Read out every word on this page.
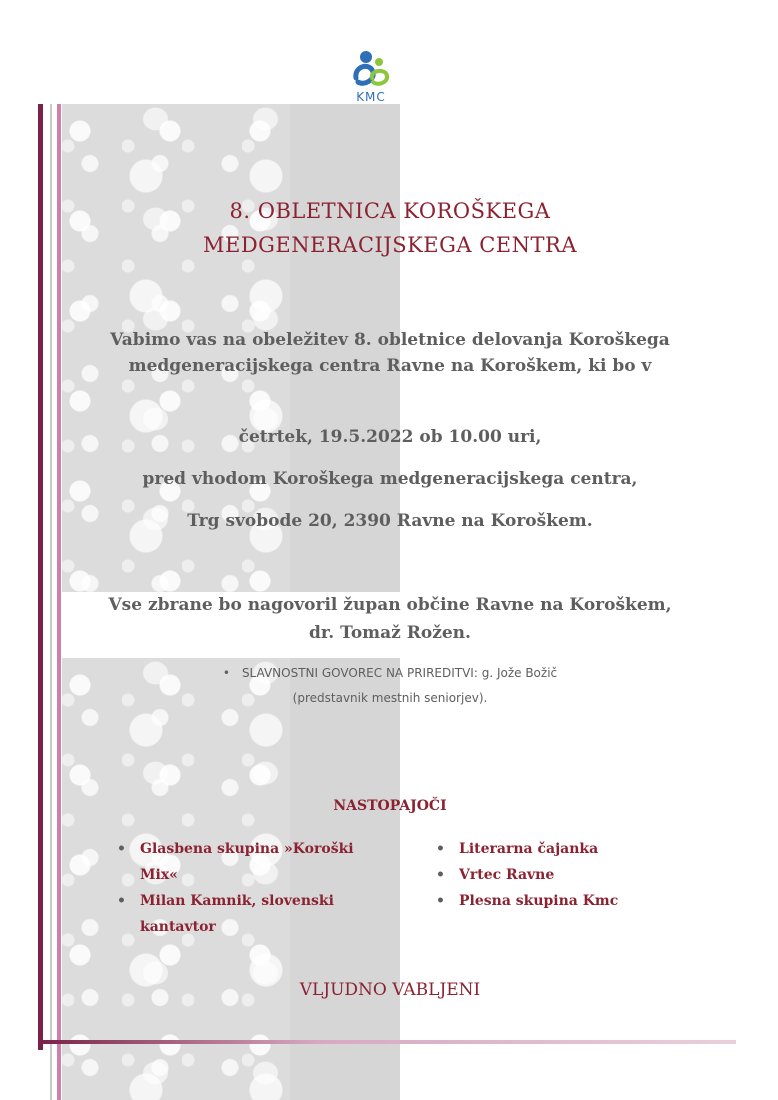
KMC
8. OBLETNICA KOROŠKEGA
MEDGENERACIJSKEGA CENTRA
Vabimo vas na obeležitev 8. obletnice delovanja Koroškega medgeneracijskega centra Ravne na Koroškem, ki bo v
četrtek, 19.5.2022 ob 10.00 uri,
pred vhodom Koroškega medgeneracijskega centra,
Trg svobode 20, 2390 Ravne na Koroškem.
Vse zbrane bo nagovoril župan občine Ravne na Koroškem, dr. Tomaž Rožen.
• SLAVNOSTNI GOVOREC NA PRIREDITVI: g. Jože Božič
(predstavnik mestnih seniorjev).
NASTOPAJOČI
• Glasbena skupina »Koroški Mix«
• Milan Kamnik, slovenski kantavtor
• Literarna čajanka
• Vrtec Ravne
• Plesna skupina Kmc
VLJUDNO VABLJENI
